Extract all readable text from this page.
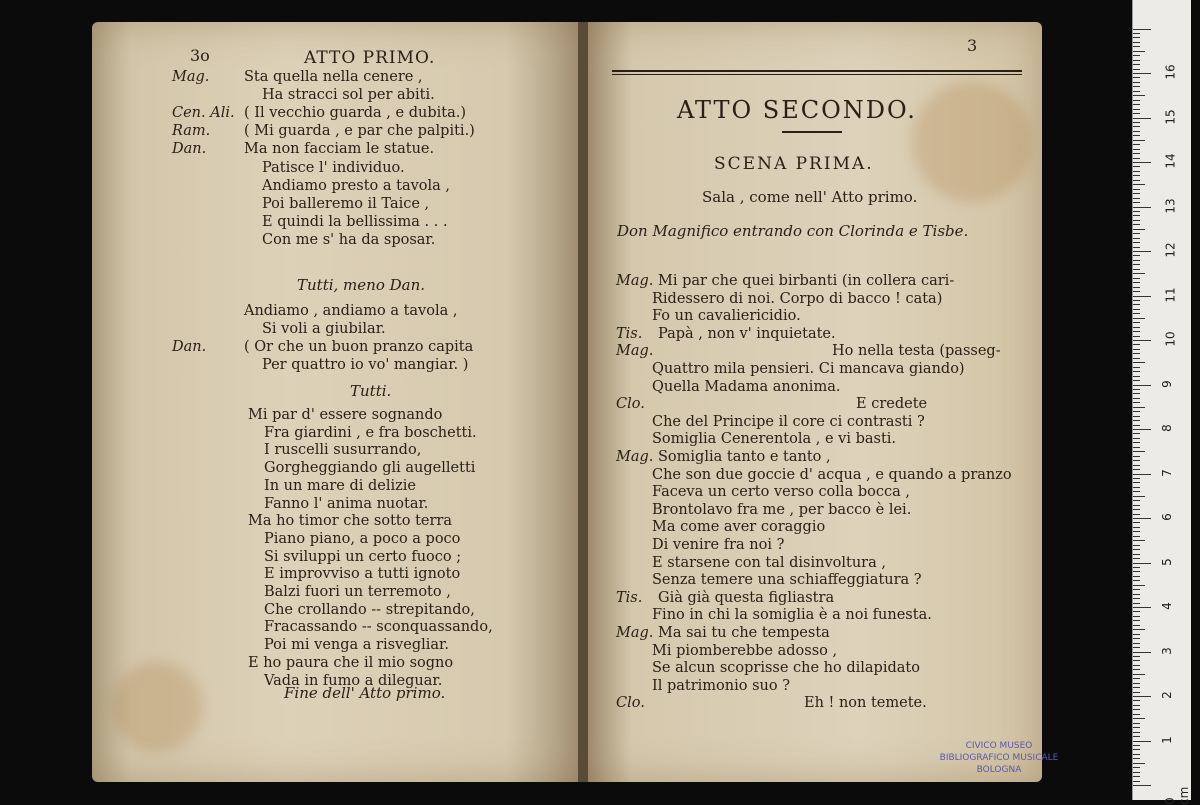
3o	ATTO PRIMO.
Mag. Sta quella nella cenere ,
Ha stracci sol per abiti.
Cen. Ali. ( Il vecchio guarda , e dubita.)
Ram. ( Mi guarda , e par che palpiti.)
Dan.	Ma non facciam le statue.
Patisce l' individuo.
Andiamo presto a tavola ,
Poi balleremo il Taice ,
E quindi la bellissima . . .
Con me s' ha da sposar.
Tutti, meno Dan.
Andiamo , andiamo a tavola ,
Si voli a giubilar.
Dan.	( Or che un buon pranzo capita
Per quattro io vo' mangiar. )
Tutti.
Mi par d' essere sognando
Fra giardini , e fra boschetti.
I ruscelli susurrando,
Gorgheggiando gli augelletti
In un mare di delizie
Fanno l' anima nuotar.
Ma ho timor che sotto terra
Piano piano, a poco a poco
Si sviluppi un certo fuoco ;
E improvviso a tutti ignoto
Balzi fuori un terremoto ,
Che crollando -- strepitando,
Fracassando -- sconquassando,
Poi mi venga a risvegliar.
E ho paura che il mio sogno
Vada in fumo a dileguar.
Fine dell' Atto primo.
3
ATTO SECONDO.
SCENA PRIMA.
Sala , come nell' Atto primo.
Don Magnifico entrando con Clorinda e Tisbe.
Mag. Mi par che quei birbanti (in collera cari-
Ridessero di noi. Corpo di bacco ! cata)
Fo un cavaliericidio.
Tis. Papà , non v' inquietate.
Mag.	Ho nella testa (passeg-
Quattro mila pensieri. Ci mancava giando)
Quella Madama anonima.
Clo.	E credete
Che del Principe il core ci contrasti ?
Somiglia Cenerentola , e vi basti.
Mag. Somiglia tanto e tanto ,
Che son due goccie d' acqua , e quando a pranzo
Faceva un certo verso colla bocca ,
Brontolavo fra me , per bacco è lei.
Ma come aver coraggio
Di venire fra noi ?
E starsene con tal disinvoltura ,
Senza temere una schiaffeggiatura ?
Tis. Già già questa figliastra
Fino in chi la somiglia è a noi funesta.
Mag. Ma sai tu che tempesta
Mi piomberebbe adosso ,
Se alcun scoprisse che ho dilapidato
Il patrimonio suo ?
Clo.	Eh ! non temete.
CIVICO MUSEO
BIBLIOGRAFICO MUSICALE
BOLOGNA
0 cm
1
2
3
4
5
6
7
8
9
10
11
12
13
14
15
16
